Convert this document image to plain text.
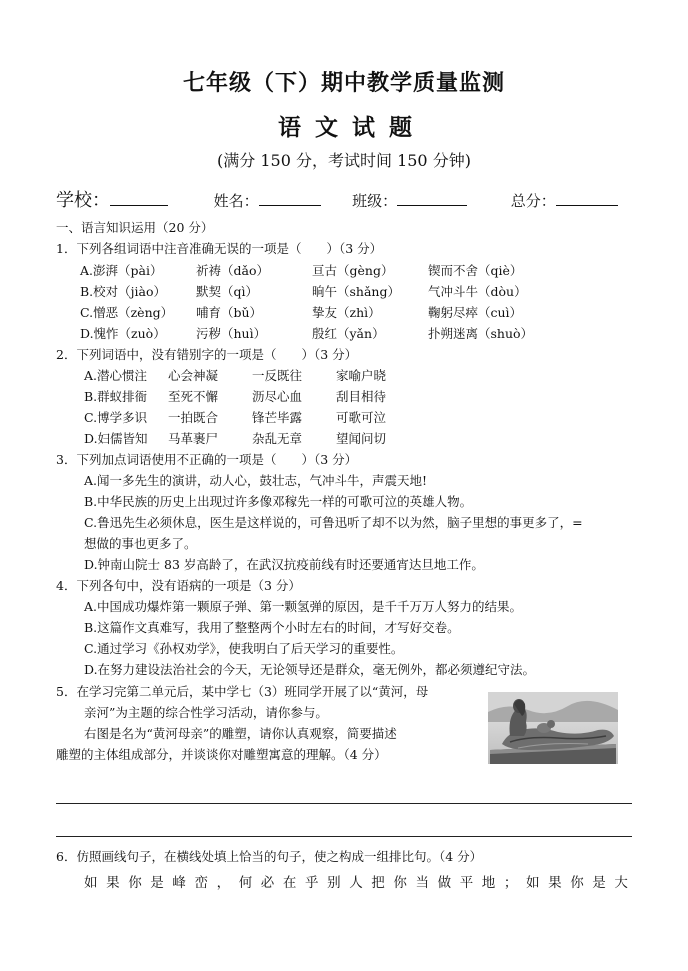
七年级（下）期中教学质量监测
语文试题
(满分 150 分，考试时间 150 分钟)
学校：	姓名：	班级：	总分：
一、语言知识运用（20 分）
1．下列各组词语中注音准确无误的一项是（　　）（3 分）
A.澎湃（pài）	祈祷（dǎo）	亘古（gèng）	锲而不舍（qiè）
B.校对（jiào） 默契（qì）	晌午（shǎng） 气冲斗牛（dòu）
C.憎恶（zèng） 哺育（bǔ）	挚友（zhì）	鞠躬尽瘁（cuì）
D.愧怍（zuò） 污秽（huì）	殷红（yǎn）	扑朔迷离（shuò）
2．下列词语中，没有错别字的一项是（　　）（3 分）
A.潜心惯注 心会神凝	一反既往	家喻户晓
B.群蚁排衙 至死不懈	沥尽心血	刮目相待
C.博学多识 一拍既合	锋芒毕露	可歌可泣
D.妇儒皆知 马革裹尸	杂乱无章	望闻问切
3．下列加点词语使用不正确的一项是（　　）（3 分）
A.闻一多先生的演讲，动人心，鼓壮志，气冲斗牛，声震天地!
B.中华民族的历史上出现过许多像邓稼先一样的可歌可泣的英雄人物。
C.鲁迅先生必须休息，医生是这样说的，可鲁迅听了却不以为然，脑子里想的事更多了，=
想做的事也更多了。
D.钟南山院士 83 岁高龄了，在武汉抗疫前线有时还要通宵达旦地工作。
4．下列各句中，没有语病的一项是（3 分）
A.中国成功爆炸第一颗原子弹、第一颗氢弹的原因，是千千万万人努力的结果。
B.这篇作文真难写，我用了整整两个小时左右的时间，才写好交卷。
C.通过学习《孙权劝学》，使我明白了后天学习的重要性。
D.在努力建设法治社会的今天，无论领导还是群众，毫无例外，都必须遵纪守法。
5．在学习完第二单元后，某中学七（3）班同学开展了以“黄河，母
亲河”为主题的综合性学习活动，请你参与。
右图是名为“黄河母亲”的雕塑，请你认真观察，简要描述
雕塑的主体组成部分，并谈谈你对雕塑寓意的理解。（4 分）
6．仿照画线句子，在横线处填上恰当的句子，使之构成一组排比句。（4 分）
如果你是峰峦，何必在乎别人把你当做平地；如果你是大
